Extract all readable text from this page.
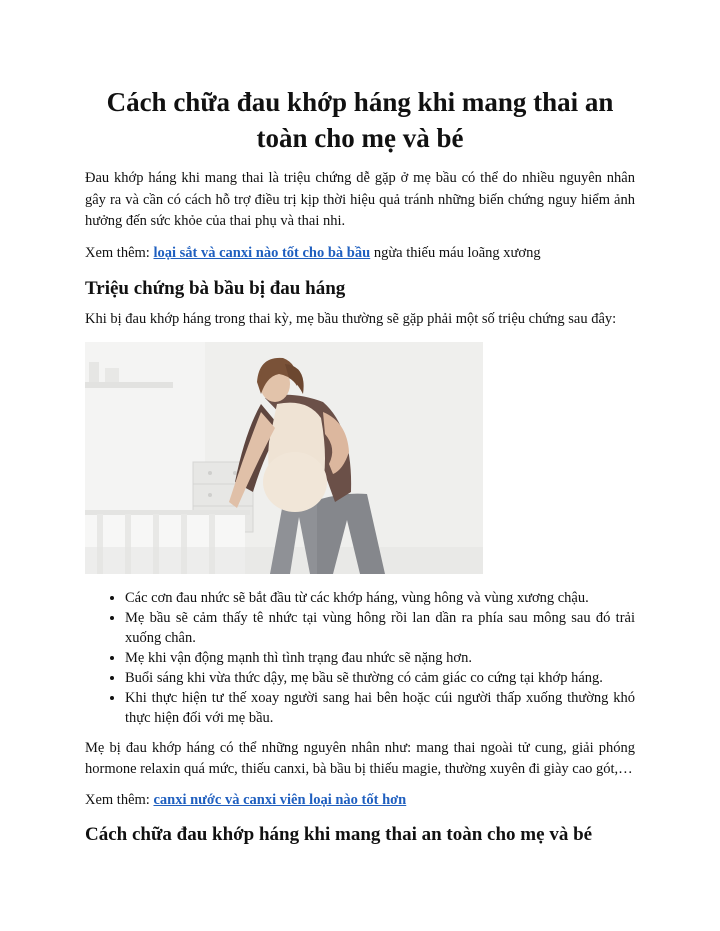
Cách chữa đau khớp háng khi mang thai an toàn cho mẹ và bé

Đau khớp háng khi mang thai là triệu chứng dễ gặp ở mẹ bầu có thể do nhiều nguyên nhân gây ra và cần có cách hỗ trợ điều trị kịp thời hiệu quả tránh những biến chứng nguy hiểm ảnh hưởng đến sức khỏe của thai phụ và thai nhi.

Xem thêm: loại sắt và canxi nào tốt cho bà bầu ngừa thiếu máu loãng xương

Triệu chứng bà bầu bị đau háng

Khi bị đau khớp háng trong thai kỳ, mẹ bầu thường sẽ gặp phải một số triệu chứng sau đây:

• Các cơn đau nhức sẽ bắt đầu từ các khớp háng, vùng hông và vùng xương chậu.
• Mẹ bầu sẽ cảm thấy tê nhức tại vùng hông rồi lan dần ra phía sau mông sau đó trải xuống chân.
• Mẹ khi vận động mạnh thì tình trạng đau nhức sẽ nặng hơn.
• Buổi sáng khi vừa thức dậy, mẹ bầu sẽ thường có cảm giác co cứng tại khớp háng.
• Khi thực hiện tư thế xoay người sang hai bên hoặc cúi người thấp xuống thường khó thực hiện đối với mẹ bầu.

Mẹ bị đau khớp háng có thể những nguyên nhân như: mang thai ngoài tử cung, giải phóng hormone relaxin quá mức, thiếu canxi, bà bầu bị thiếu magie, thường xuyên đi giày cao gót,…

Xem thêm: canxi nước và canxi viên loại nào tốt hơn

Cách chữa đau khớp háng khi mang thai an toàn cho mẹ và bé
